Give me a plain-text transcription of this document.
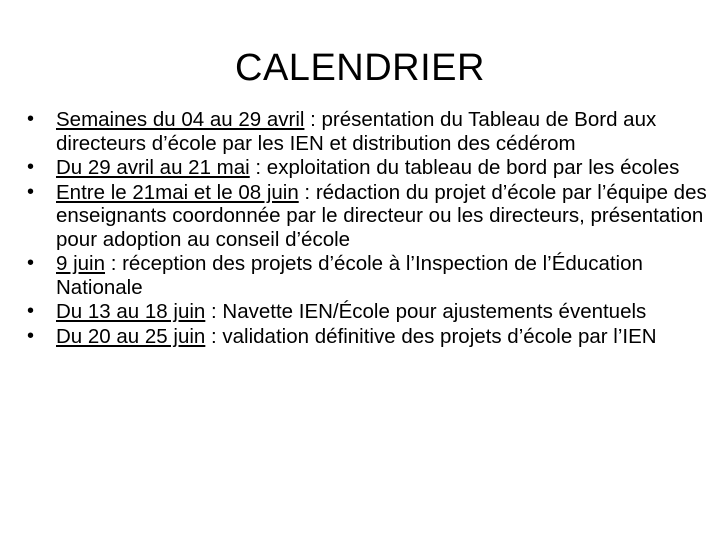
CALENDRIER
•	Semaines du 04 au 29 avril : présentation du Tableau de Bord aux directeurs d’école par les IEN et distribution des cédérom
•	Du 29 avril au 21 mai : exploitation du tableau de bord par les écoles
•	Entre le 21mai et le 08 juin : rédaction du projet d’école par l’équipe des enseignants coordonnée par le directeur ou les directeurs, présentation pour adoption au conseil d’école
•	9 juin : réception des projets d’école à l’Inspection de l’Éducation Nationale
•	Du 13 au 18 juin : Navette IEN/École pour ajustements éventuels
•	Du 20 au 25 juin : validation définitive des projets d’école par l’IEN
